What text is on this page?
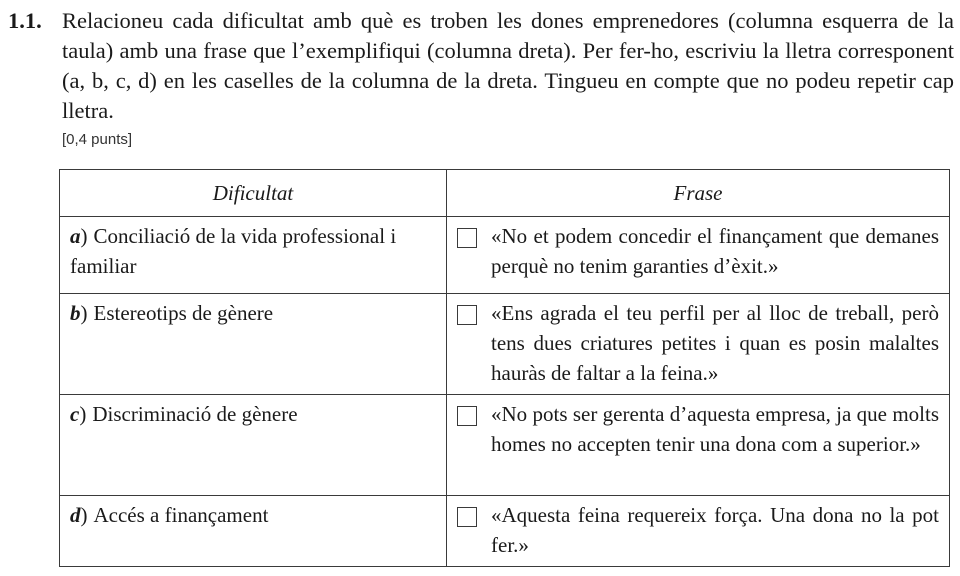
1.1. Relacioneu cada dificultat amb què es troben les dones emprenedores (columna esquerra de la taula) amb una frase que l’exemplifiqui (columna dreta). Per fer-ho, escriviu la lletra corresponent (a, b, c, d) en les caselles de la columna de la dreta. Tingueu en compte que no podeu repetir cap lletra.
[0,4 punts]
Dificultat	Frase
a) Conciliació de la vida professional i familiar	«No et podem concedir el finançament que demanes perquè no tenim garanties d’èxit.»

b) Estereotips de gènere	«Ens agrada el teu perfil per al lloc de treball, però tens dues criatures petites i quan es posin malaltes hauràs de faltar a la feina.»

c) Discriminació de gènere	«No pots ser gerenta d’aquesta empresa, ja que molts homes no accepten tenir una dona com a superior.»

d) Accés a finançament	«Aquesta feina requereix força. Una dona no la pot fer.»
